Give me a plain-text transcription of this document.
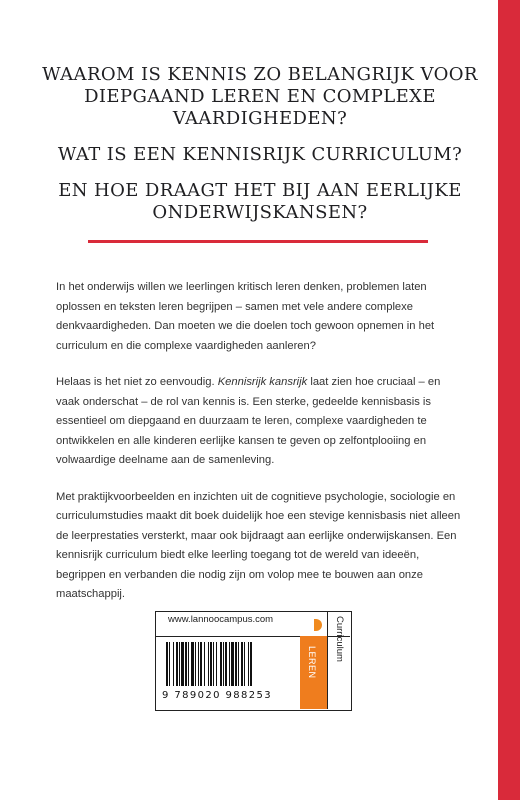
WAAROM IS KENNIS ZO BELANGRIJK VOOR DIEPGAAND LEREN EN COMPLEXE VAARDIGHEDEN?
WAT IS EEN KENNISRIJK CURRICULUM?
EN HOE DRAAGT HET BIJ AAN EERLIJKE ONDERWIJSKANSEN?

In het onderwijs willen we leerlingen kritisch leren denken, problemen laten oplossen en teksten leren begrijpen – samen met vele andere complexe denkvaardigheden. Dan moeten we die doelen toch gewoon opnemen in het curriculum en die complexe vaardigheden aanleren?

Helaas is het niet zo eenvoudig. Kennisrijk kansrijk laat zien hoe cruciaal – en vaak onderschat – de rol van kennis is. Een sterke, gedeelde kennisbasis is essentieel om diepgaand en duurzaam te leren, complexe vaardigheden te ontwikkelen en alle kinderen eerlijke kansen te geven op zelfontplooiing en volwaardige deelname aan de samenleving.

Met praktijkvoorbeelden en inzichten uit de cognitieve psychologie, sociologie en curriculumstudies maakt dit boek duidelijk hoe een stevige kennisbasis niet alleen de leerprestaties versterkt, maar ook bijdraagt aan eerlijke onderwijskansen. Een kennisrijk curriculum biedt elke leerling toegang tot de wereld van ideeën, begrippen en verbanden die nodig zijn om volop mee te bouwen aan onze maatschappij.

www.lannoocampus.com
LEREN
Curriculum
9 789020 988253
